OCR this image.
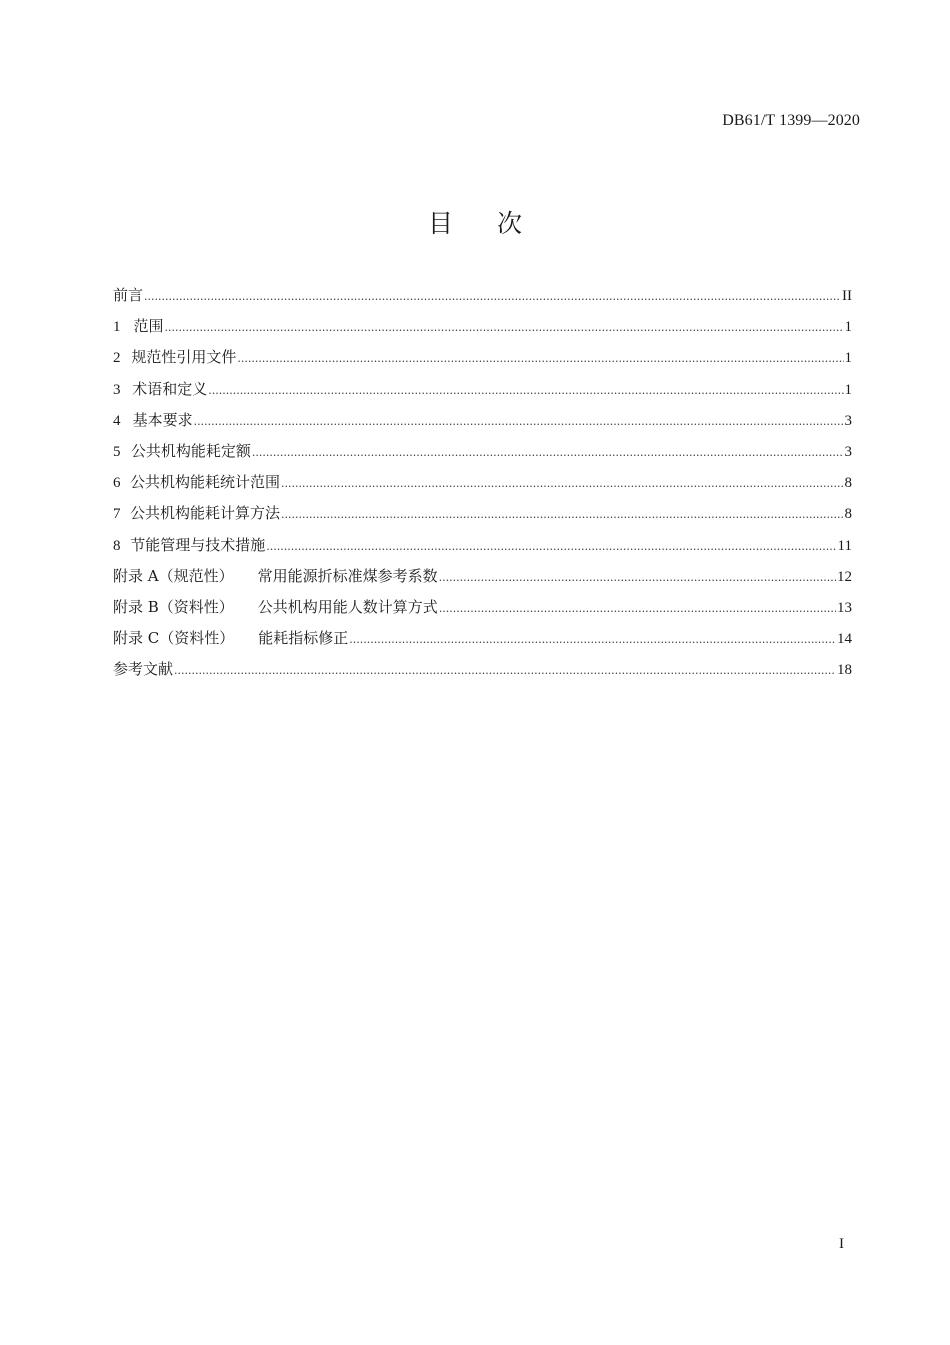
DB61/T 1399—2020
目次
前言 .....	II
1 范围 .....	1
2 规范性引用文件 .....	1
3 术语和定义 .....	1
4 基本要求 .....	3
5 公共机构能耗定额 .....	3
6 公共机构能耗统计范围 .....	8
7 公共机构能耗计算方法 .....	8
8 节能管理与技术措施 .....	11
附录 A（规范性） 常用能源折标准煤参考系数 .....	12
附录 B（资料性） 公共机构用能人数计算方式 .....	13
附录 C（资料性） 能耗指标修正 .....	14
参考文献 .....	18
I
